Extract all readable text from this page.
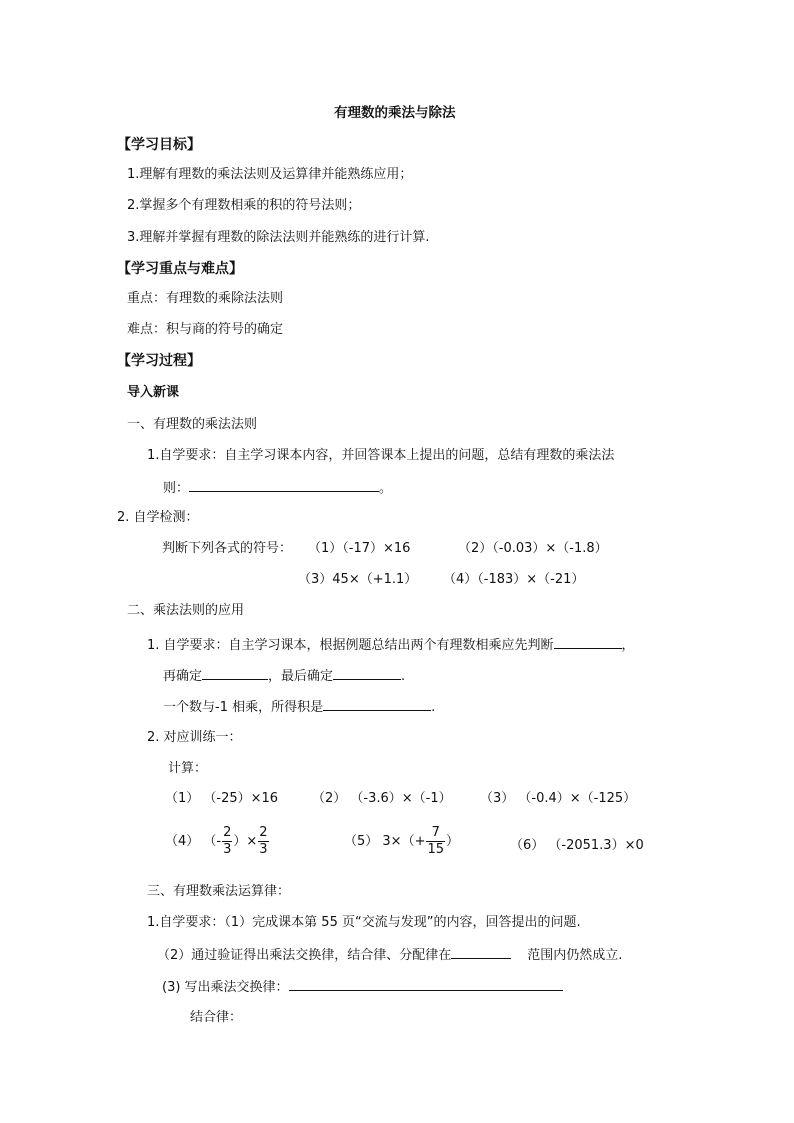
有理数的乘法与除法
【学习目标】
1.理解有理数的乘法法则及运算律并能熟练应用；
2.掌握多个有理数相乘的积的符号法则；
3.理解并掌握有理数的除法法则并能熟练的进行计算.
【学习重点与难点】
重点：有理数的乘除法法则
难点：积与商的符号的确定
【学习过程】
导入新课
一、有理数的乘法法则
1.自学要求：自主学习课本内容，并回答课本上提出的问题，总结有理数的乘法法
则：	。
2. 自学检测：
判断下列各式的符号： （1）（-17）×16	（2）（-0.03）×（-1.8）
（3）45×（+1.1） （4）（-183）×（-21）
二、乘法法则的应用
1. 自学要求：自主学习课本，根据例题总结出两个有理数相乘应先判断	，
再确定	，最后确定	.
一个数与-1 相乘，所得积是	.
2. 对应训练一：
计算：
（1） （-25）×16	（2） （-3.6）×（-1） （3） （-0.4）×（-125）
（4） （- $\frac{2}{3}$ ）× $\frac{2}{3}$	（5） $3\times(+ \frac{7}{15}$ ）	（6） （-2051.3）×0
三、有理数乘法运算律：
1.自学要求：（1）完成课本第 55 页“交流与发现”的内容，回答提出的问题.
（2）通过验证得出乘法交换律，结合律、分配律在	范围内仍然成立.
(3) 写出乘法交换律：
结合律：
